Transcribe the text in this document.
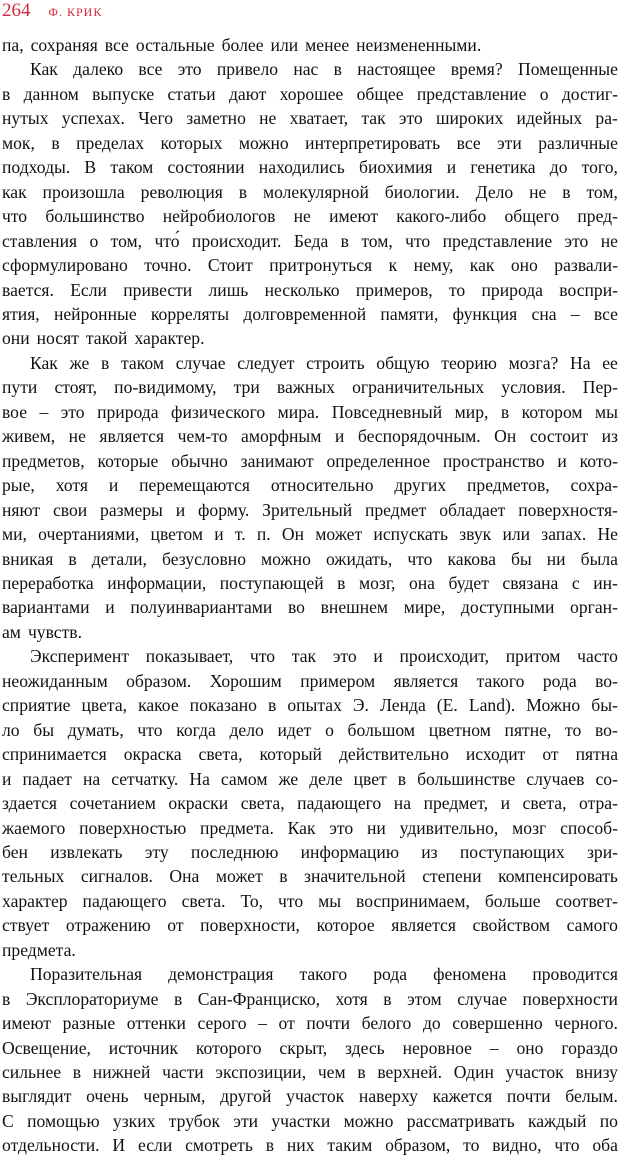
264 Ф. КРИК
па, сохраняя все остальные более или менее неизмененными.
Как далеко все это привело нас в настоящее время? Помещенные
в данном выпуске статьи дают хорошее общее представление о достиг-
нутых успехах. Чего заметно не хватает, так это широких идейных ра-
мок, в пределах которых можно интерпретировать все эти различные
подходы. В таком состоянии находились биохимия и генетика до того,
как произошла революция в молекулярной биологии. Дело не в том,
что большинство нейробиологов не имеют какого-либо общего пред-
ставления о том, что́ происходит. Беда в том, что представление это не
сформулировано точно. Стоит притронуться к нему, как оно развали-
вается. Если привести лишь несколько примеров, то природа воспри-
ятия, нейронные корреляты долговременной памяти, функция сна – все
они носят такой характер.
Как же в таком случае следует строить общую теорию мозга? На ее
пути стоят, по-видимому, три важных ограничительных условия. Пер-
вое – это природа физического мира. Повседневный мир, в котором мы
живем, не является чем-то аморфным и беспорядочным. Он состоит из
предметов, которые обычно занимают определенное пространство и кото-
рые, хотя и перемещаются относительно других предметов, сохра-
няют свои размеры и форму. Зрительный предмет обладает поверхностя-
ми, очертаниями, цветом и т. п. Он может испускать звук или запах. Не
вникая в детали, безусловно можно ожидать, что какова бы ни была
переработка информации, поступающей в мозг, она будет связана с ин-
вариантами и полуинвариантами во внешнем мире, доступными орган-
ам чувств.
Эксперимент показывает, что так это и происходит, притом часто
неожиданным образом. Хорошим примером является такого рода во-
сприятие цвета, какое показано в опытах Э. Ленда (E. Land). Можно бы-
ло бы думать, что когда дело идет о большом цветном пятне, то во-
спринимается окраска света, который действительно исходит от пятна
и падает на сетчатку. На самом же деле цвет в большинстве случаев со-
здается сочетанием окраски света, падающего на предмет, и света, отра-
жаемого поверхностью предмета. Как это ни удивительно, мозг способ-
бен извлекать эту последнюю информацию из поступающих зри-
тельных сигналов. Она может в значительной степени компенсировать
характер падающего света. То, что мы воспринимаем, больше соответ-
ствует отражению от поверхности, которое является свойством самого
предмета.
Поразительная демонстрация такого рода феномена проводится
в Эксплораториуме в Сан-Франциско, хотя в этом случае поверхности
имеют разные оттенки серого – от почти белого до совершенно черного.
Освещение, источник которого скрыт, здесь неровное – оно гораздо
сильнее в нижней части экспозиции, чем в верхней. Один участок внизу
выглядит очень черным, другой участок наверху кажется почти белым.
С помощью узких трубок эти участки можно рассматривать каждый по
отдельности. И если смотреть в них таким образом, то видно, что оба
